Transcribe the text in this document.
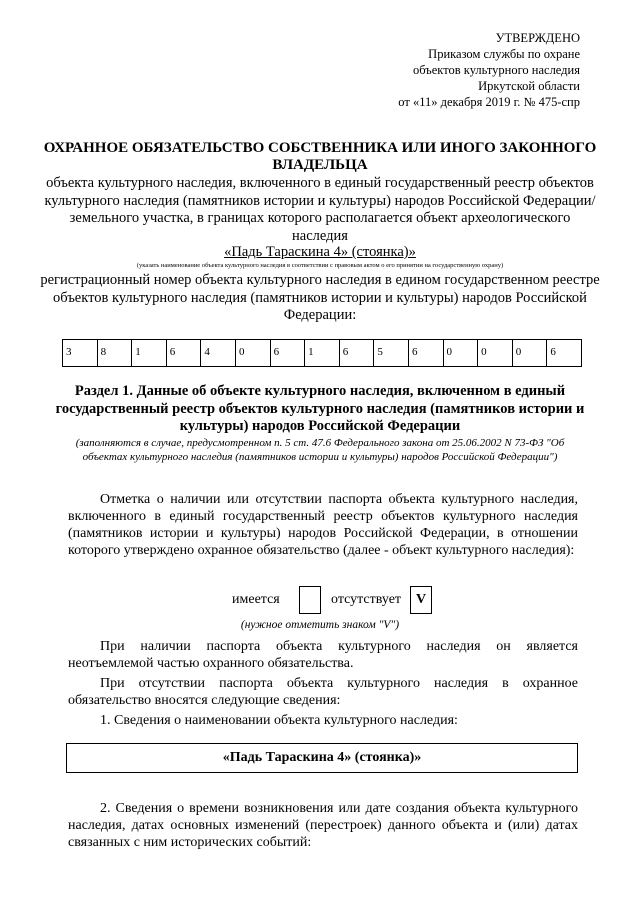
УТВЕРЖДЕНО
Приказом службы по охране
объектов культурного наследия
Иркутской области
от «11» декабря 2019 г. № 475-спр
ОХРАННОЕ ОБЯЗАТЕЛЬСТВО СОБСТВЕННИКА ИЛИ ИНОГО ЗАКОННОГО ВЛАДЕЛЬЦА
объекта культурного наследия, включенного в единый государственный реестр объектов культурного наследия (памятников истории и культуры) народов Российской Федерации/земельного участка, в границах которого располагается объект археологического наследия
«Падь Тараскина 4» (стоянка)»
(указать наименование объекта культурного наследия в соответствии с правовым актом о его принятии на государственную охрану)
регистрационный номер объекта культурного наследия в едином государственном реестре объектов культурного наследия (памятников истории и культуры) народов Российской Федерации:
3	8	1	6	4	0	6	1	6	5	6	0	0	0	6
Раздел 1. Данные об объекте культурного наследия, включенном в единый государственный реестр объектов культурного наследия (памятников истории и культуры) народов Российской Федерации
(заполняются в случае, предусмотренном п. 5 ст. 47.6 Федерального закона от 25.06.2002 N 73-ФЗ "Об объектах культурного наследия (памятников истории и культуры) народов Российской Федерации")
Отметка о наличии или отсутствии паспорта объекта культурного наследия, включенного в единый государственный реестр объектов культурного наследия (памятников истории и культуры) народов Российской Федерации, в отношении которого утверждено охранное обязательство (далее - объект культурного наследия):
имеется	отсутствует	V
(нужное отметить знаком "V")
При наличии паспорта объекта культурного наследия он является неотъемлемой частью охранного обязательства.
При отсутствии паспорта объекта культурного наследия в охранное обязательство вносятся следующие сведения:
1. Сведения о наименовании объекта культурного наследия:
«Падь Тараскина 4» (стоянка)»
2. Сведения о времени возникновения или дате создания объекта культурного наследия, датах основных изменений (перестроек) данного объекта и (или) датах связанных с ним исторических событий:
